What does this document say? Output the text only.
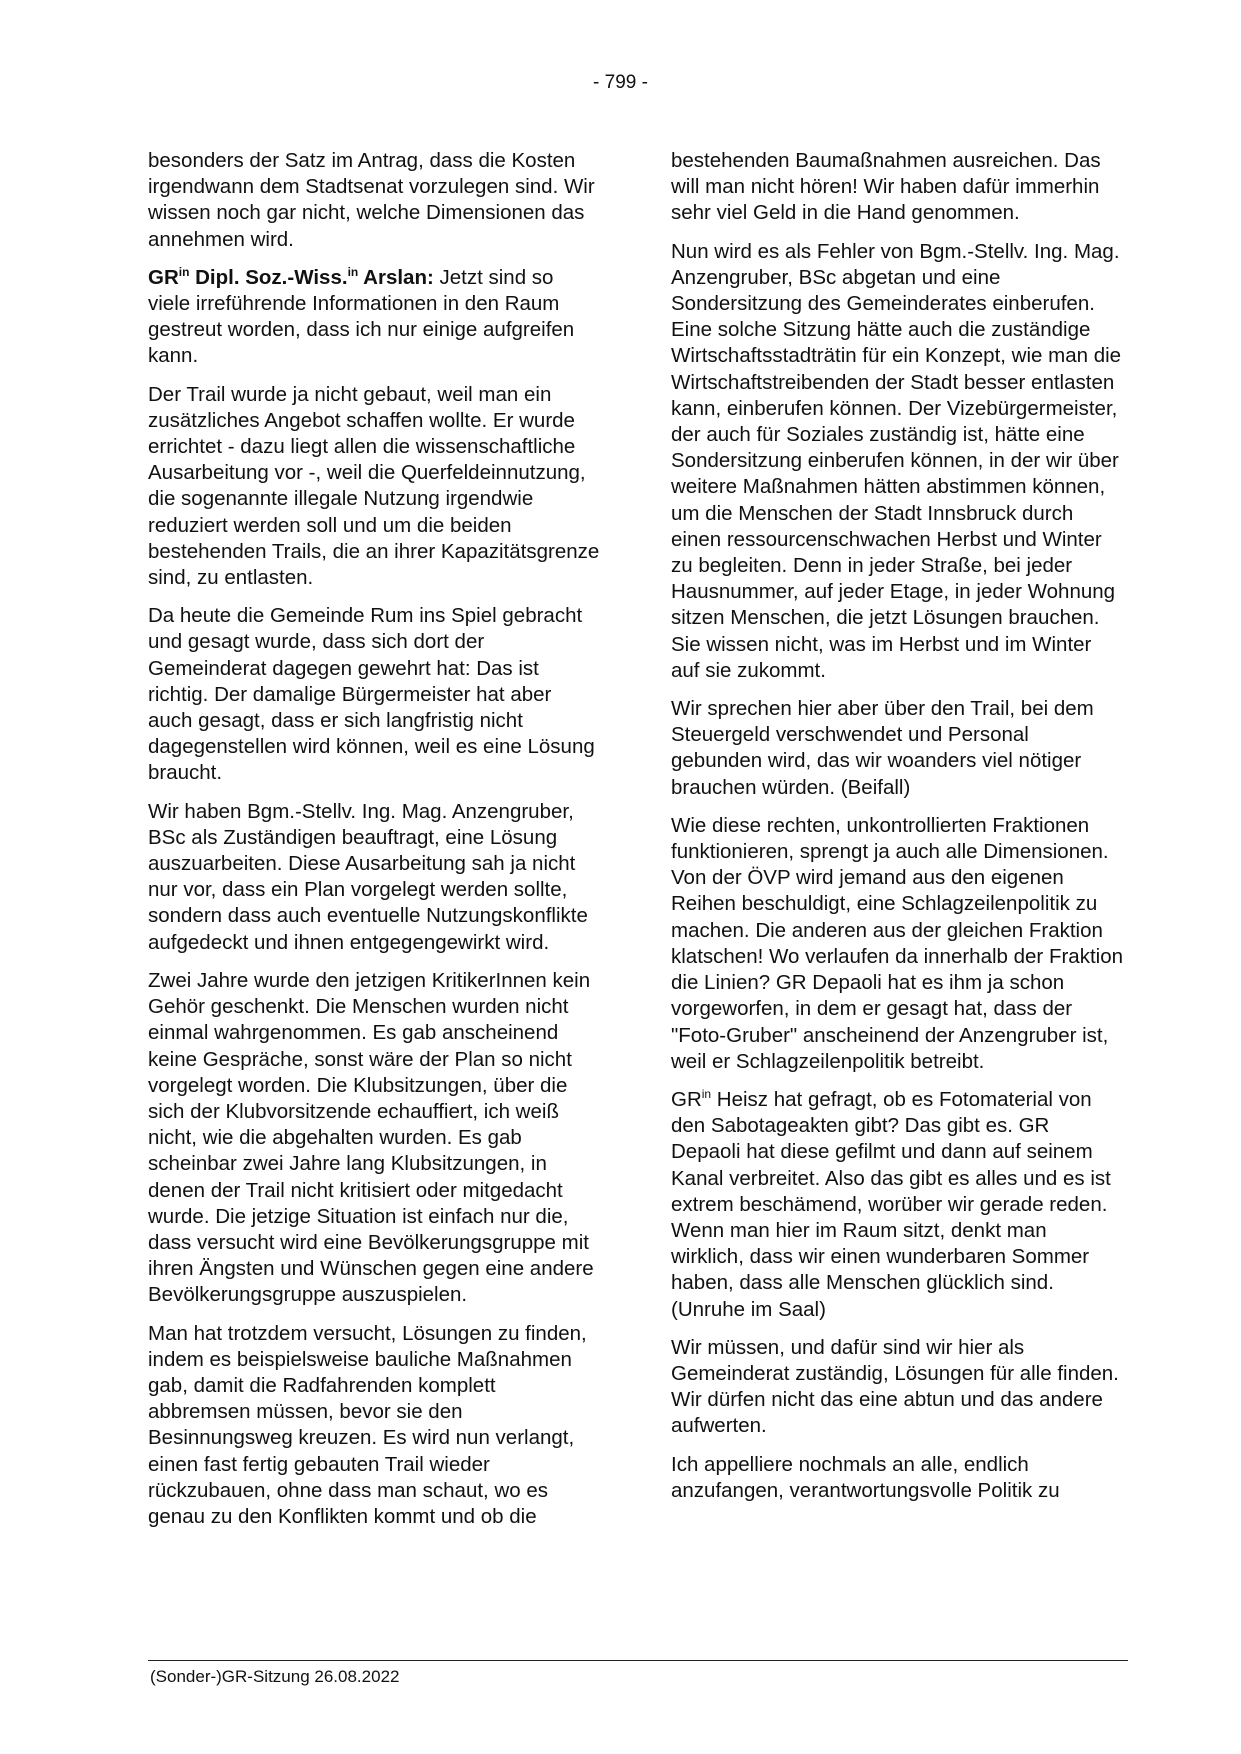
- 799 -

besonders der Satz im Antrag, dass die Kosten irgendwann dem Stadtsenat vorzulegen sind. Wir wissen noch gar nicht, welche Dimensionen das annehmen wird.

$GR^{in}$ Dipl. Soz.-Wiss.$^{in}$ Arslan: Jetzt sind so viele irreführende Informationen in den Raum gestreut worden, dass ich nur einige aufgreifen kann.

Der Trail wurde ja nicht gebaut, weil man ein zusätzliches Angebot schaffen wollte. Er wurde errichtet - dazu liegt allen die wissenschaftliche Ausarbeitung vor -, weil die Querfeldeinnutzung, die sogenannte illegale Nutzung irgendwie reduziert werden soll und um die beiden bestehenden Trails, die an ihrer Kapazitätsgrenze sind, zu entlasten.

Da heute die Gemeinde Rum ins Spiel gebracht und gesagt wurde, dass sich dort der Gemeinderat dagegen gewehrt hat: Das ist richtig. Der damalige Bürgermeister hat aber auch gesagt, dass er sich langfristig nicht dagegenstellen wird können, weil es eine Lösung braucht.

Wir haben Bgm.-Stellv. Ing. Mag. Anzengruber, BSc als Zuständigen beauftragt, eine Lösung auszuarbeiten. Diese Ausarbeitung sah ja nicht nur vor, dass ein Plan vorgelegt werden sollte, sondern dass auch eventuelle Nutzungskonflikte aufgedeckt und ihnen entgegengewirkt wird.

Zwei Jahre wurde den jetzigen KritikerInnen kein Gehör geschenkt. Die Menschen wurden nicht einmal wahrgenommen. Es gab anscheinend keine Gespräche, sonst wäre der Plan so nicht vorgelegt worden. Die Klubsitzungen, über die sich der Klubvorsitzende echauffiert, ich weiß nicht, wie die abgehalten wurden. Es gab scheinbar zwei Jahre lang Klubsitzungen, in denen der Trail nicht kritisiert oder mitgedacht wurde. Die jetzige Situation ist einfach nur die, dass versucht wird eine Bevölkerungsgruppe mit ihren Ängsten und Wünschen gegen eine andere Bevölkerungsgruppe auszuspielen.

Man hat trotzdem versucht, Lösungen zu finden, indem es beispielsweise bauliche Maßnahmen gab, damit die Radfahrenden komplett abbremsen müssen, bevor sie den Besinnungsweg kreuzen. Es wird nun verlangt, einen fast fertig gebauten Trail wieder rückzubauen, ohne dass man schaut, wo es genau zu den Konflikten kommt und ob die

bestehenden Baumaßnahmen ausreichen. Das will man nicht hören! Wir haben dafür immerhin sehr viel Geld in die Hand genommen.

Nun wird es als Fehler von Bgm.-Stellv. Ing. Mag. Anzengruber, BSc abgetan und eine Sondersitzung des Gemeinderates einberufen. Eine solche Sitzung hätte auch die zuständige Wirtschaftsstadträtin für ein Konzept, wie man die Wirtschaftstreibenden der Stadt besser entlasten kann, einberufen können. Der Vizebürgermeister, der auch für Soziales zuständig ist, hätte eine Sondersitzung einberufen können, in der wir über weitere Maßnahmen hätten abstimmen können, um die Menschen der Stadt Innsbruck durch einen ressourcenschwachen Herbst und Winter zu begleiten. Denn in jeder Straße, bei jeder Hausnummer, auf jeder Etage, in jeder Wohnung sitzen Menschen, die jetzt Lösungen brauchen. Sie wissen nicht, was im Herbst und im Winter auf sie zukommt.

Wir sprechen hier aber über den Trail, bei dem Steuergeld verschwendet und Personal gebunden wird, das wir woanders viel nötiger brauchen würden. (Beifall)

Wie diese rechten, unkontrollierten Fraktionen funktionieren, sprengt ja auch alle Dimensionen. Von der ÖVP wird jemand aus den eigenen Reihen beschuldigt, eine Schlagzeilenpolitik zu machen. Die anderen aus der gleichen Fraktion klatschen! Wo verlaufen da innerhalb der Fraktion die Linien? GR Depaoli hat es ihm ja schon vorgeworfen, in dem er gesagt hat, dass der "Foto-Gruber" anscheinend der Anzengruber ist, weil er Schlagzeilenpolitik betreibt.

$GR^{in}$ Heisz hat gefragt, ob es Fotomaterial von den Sabotageakten gibt? Das gibt es. GR Depaoli hat diese gefilmt und dann auf seinem Kanal verbreitet. Also das gibt es alles und es ist extrem beschämend, worüber wir gerade reden. Wenn man hier im Raum sitzt, denkt man wirklich, dass wir einen wunderbaren Sommer haben, dass alle Menschen glücklich sind. (Unruhe im Saal)

Wir müssen, und dafür sind wir hier als Gemeinderat zuständig, Lösungen für alle finden. Wir dürfen nicht das eine abtun und das andere aufwerten.

Ich appelliere nochmals an alle, endlich anzufangen, verantwortungsvolle Politik zu

(Sonder-)GR-Sitzung 26.08.2022
